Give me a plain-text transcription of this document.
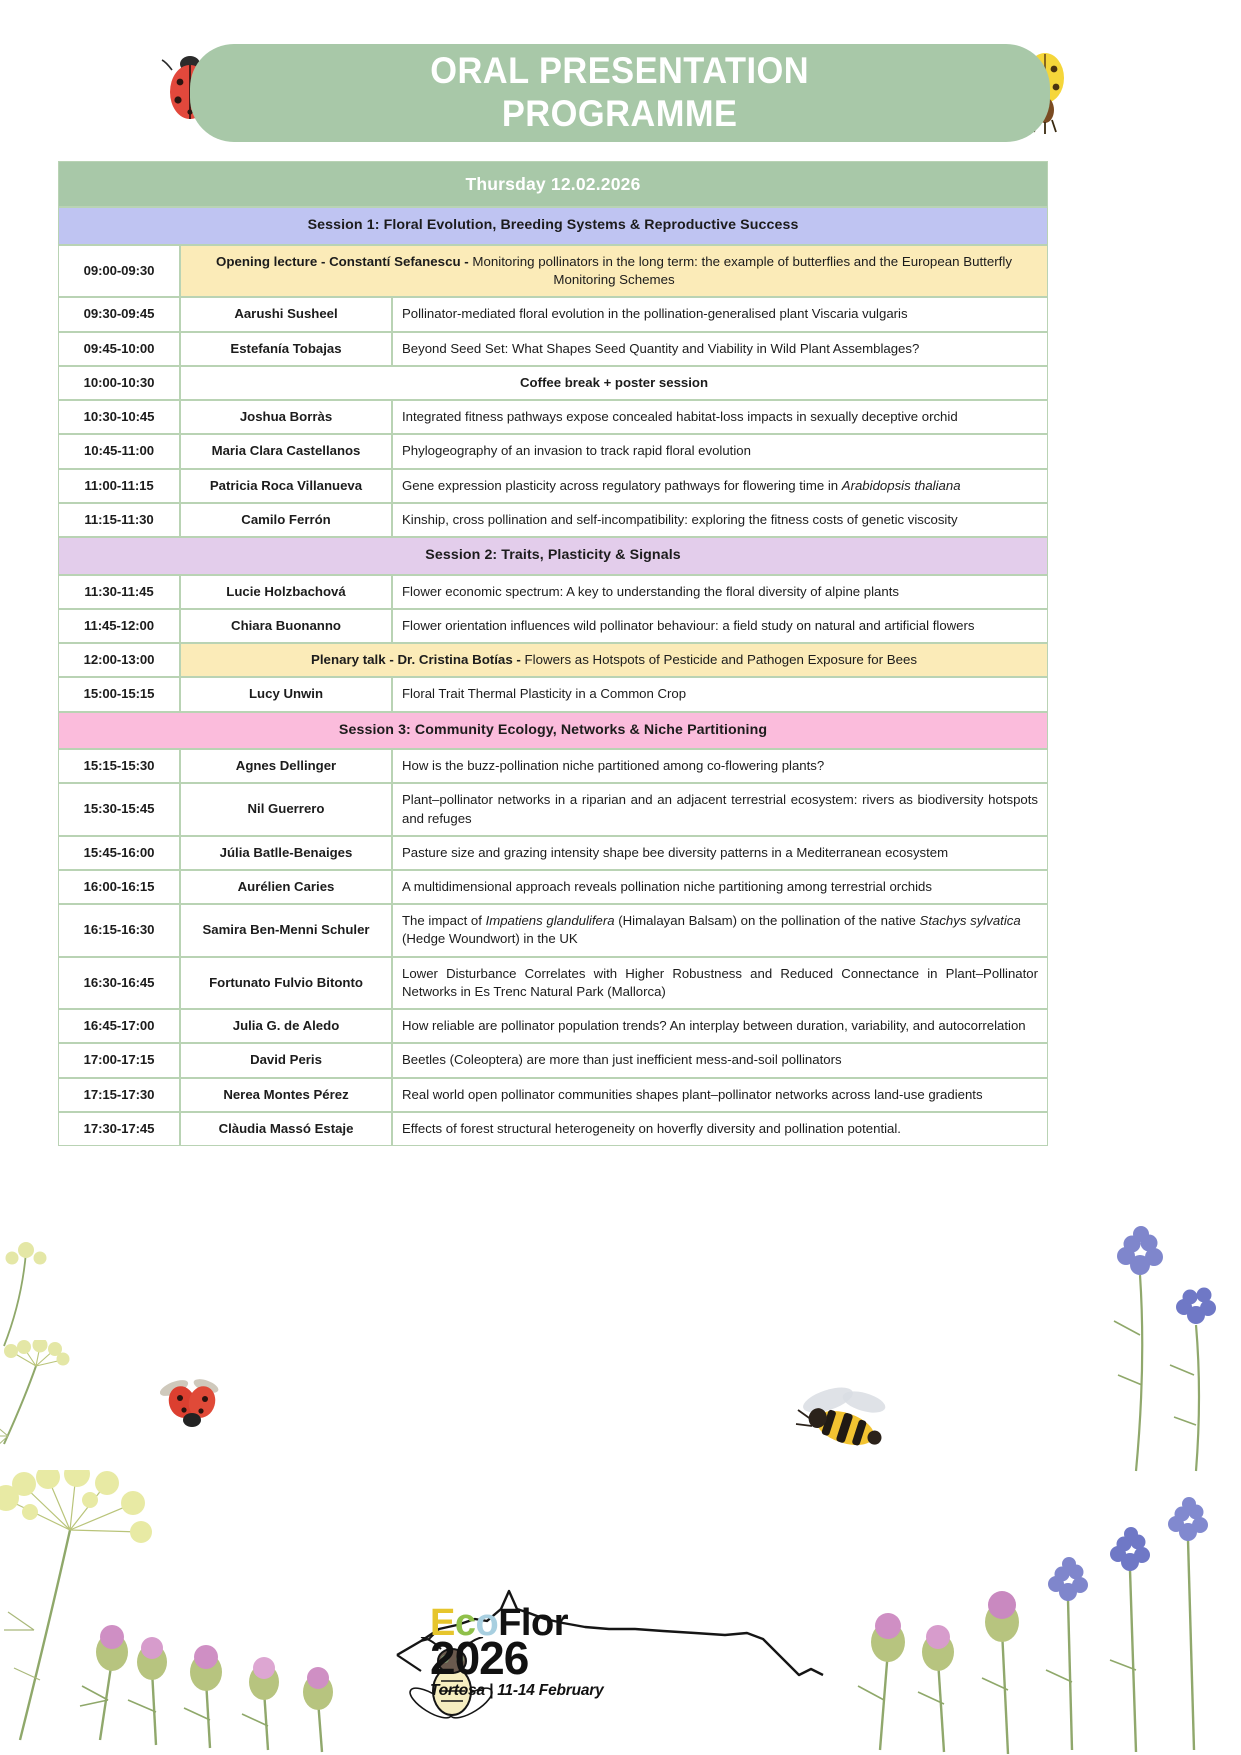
ORAL PRESENTATION
PROGRAMME
Thursday 12.02.2026		
Session 1: Floral Evolution, Breeding Systems & Reproductive Success		
09:00-09:30	Opening lecture - Constantí Sefanescu - Monitoring pollinators in the long term: the example of butterflies and the European Butterfly Monitoring Schemes	
09:30-09:45	Aarushi Susheel	Pollinator-mediated floral evolution in the pollination-generalised plant Viscaria vulgaris
09:45-10:00	Estefanía Tobajas	Beyond Seed Set: What Shapes Seed Quantity and Viability in Wild Plant Assemblages?
10:00-10:30	Coffee break + poster session	
10:30-10:45	Joshua Borràs	Integrated fitness pathways expose concealed habitat-loss impacts in sexually deceptive orchid
10:45-11:00	Maria Clara Castellanos	Phylogeography of an invasion to track rapid floral evolution
11:00-11:15	Patricia Roca Villanueva	Gene expression plasticity across regulatory pathways for flowering time in Arabidopsis thaliana
11:15-11:30	Camilo Ferrón	Kinship, cross pollination and self-incompatibility: exploring the fitness costs of genetic viscosity
Session 2: Traits, Plasticity & Signals		
11:30-11:45	Lucie Holzbachová	Flower economic spectrum: A key to understanding the floral diversity of alpine plants
11:45-12:00	Chiara Buonanno	Flower orientation influences wild pollinator behaviour: a field study on natural and artificial flowers
12:00-13:00	Plenary talk - Dr. Cristina Botías - Flowers as Hotspots of Pesticide and Pathogen Exposure for Bees	
15:00-15:15	Lucy Unwin	Floral Trait Thermal Plasticity in a Common Crop
Session 3: Community Ecology, Networks & Niche Partitioning		
15:15-15:30	Agnes Dellinger	How is the buzz-pollination niche partitioned among co-flowering plants?
15:30-15:45	Nil Guerrero	Plant–pollinator networks in a riparian and an adjacent terrestrial ecosystem: rivers as biodiversity hotspots and refuges
15:45-16:00	Júlia Batlle-Benaiges	Pasture size and grazing intensity shape bee diversity patterns in a Mediterranean ecosystem
16:00-16:15	Aurélien Caries	A multidimensional approach reveals pollination niche partitioning among terrestrial orchids
16:15-16:30	Samira Ben-Menni Schuler	The impact of Impatiens glandulifera (Himalayan Balsam) on the pollination of the native Stachys sylvatica (Hedge Woundwort) in the UK
16:30-16:45	Fortunato Fulvio Bitonto	Lower Disturbance Correlates with Higher Robustness and Reduced Connectance in Plant–Pollinator Networks in Es Trenc Natural Park (Mallorca)
16:45-17:00	Julia G. de Aledo	How reliable are pollinator population trends? An interplay between duration, variability, and autocorrelation
17:00-17:15	David Peris	Beetles (Coleoptera) are more than just inefficient mess-and-soil pollinators
17:15-17:30	Nerea Montes Pérez	Real world open pollinator communities shapes plant–pollinator networks across land-use gradients
17:30-17:45	Clàudia Massó Estaje	Effects of forest structural heterogeneity on hoverfly diversity and pollination potential.
EcoFlor
2026
Tortosa | 11-14 February
